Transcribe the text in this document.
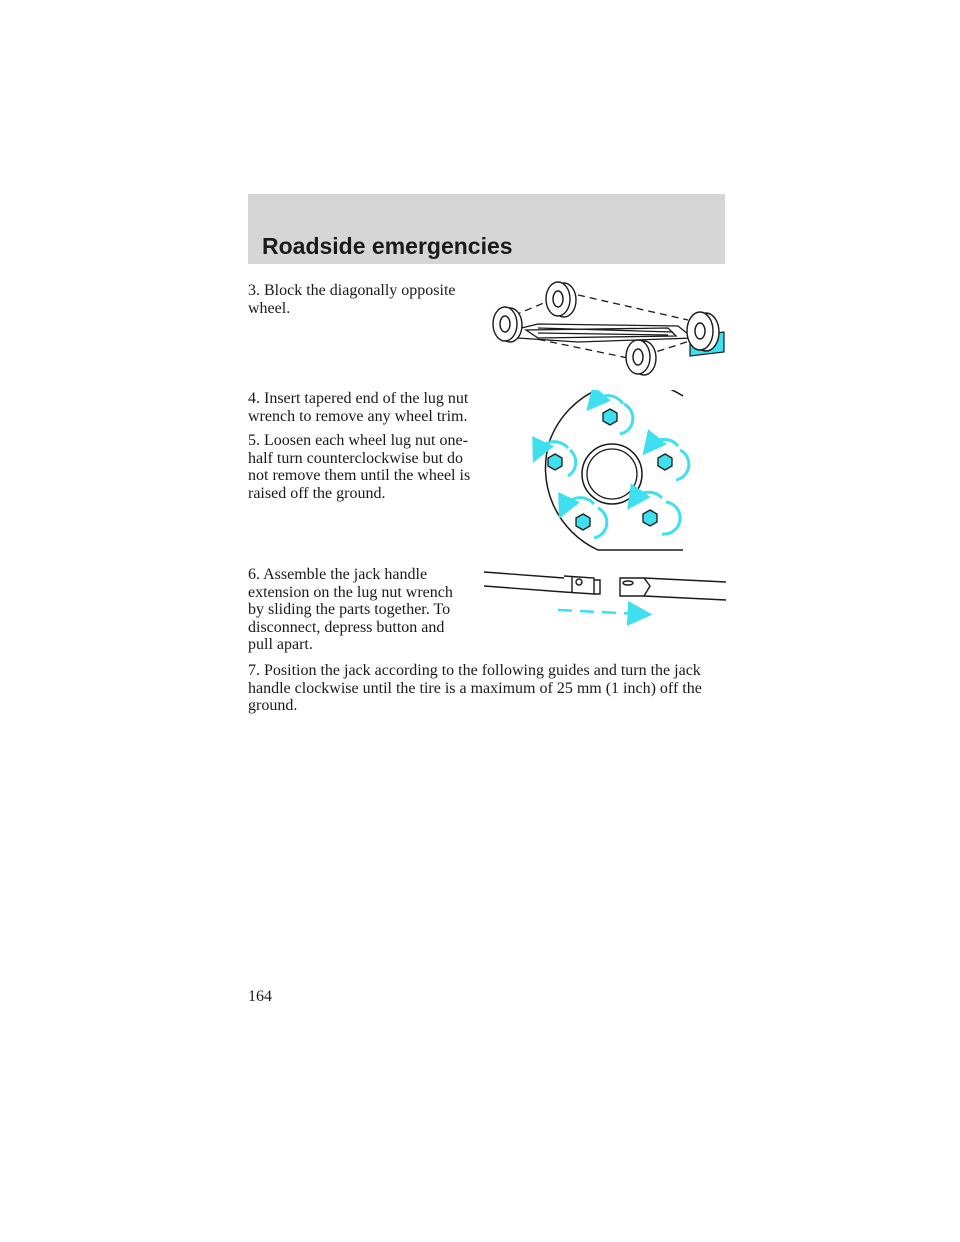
Roadside emergencies

3. Block the diagonally opposite wheel.

4. Insert tapered end of the lug nut wrench to remove any wheel trim.

5. Loosen each wheel lug nut one-half turn counterclockwise but do not remove them until the wheel is raised off the ground.

6. Assemble the jack handle extension on the lug nut wrench by sliding the parts together. To disconnect, depress button and pull apart.

7. Position the jack according to the following guides and turn the jack handle clockwise until the tire is a maximum of 25 mm (1 inch) off the ground.

164
